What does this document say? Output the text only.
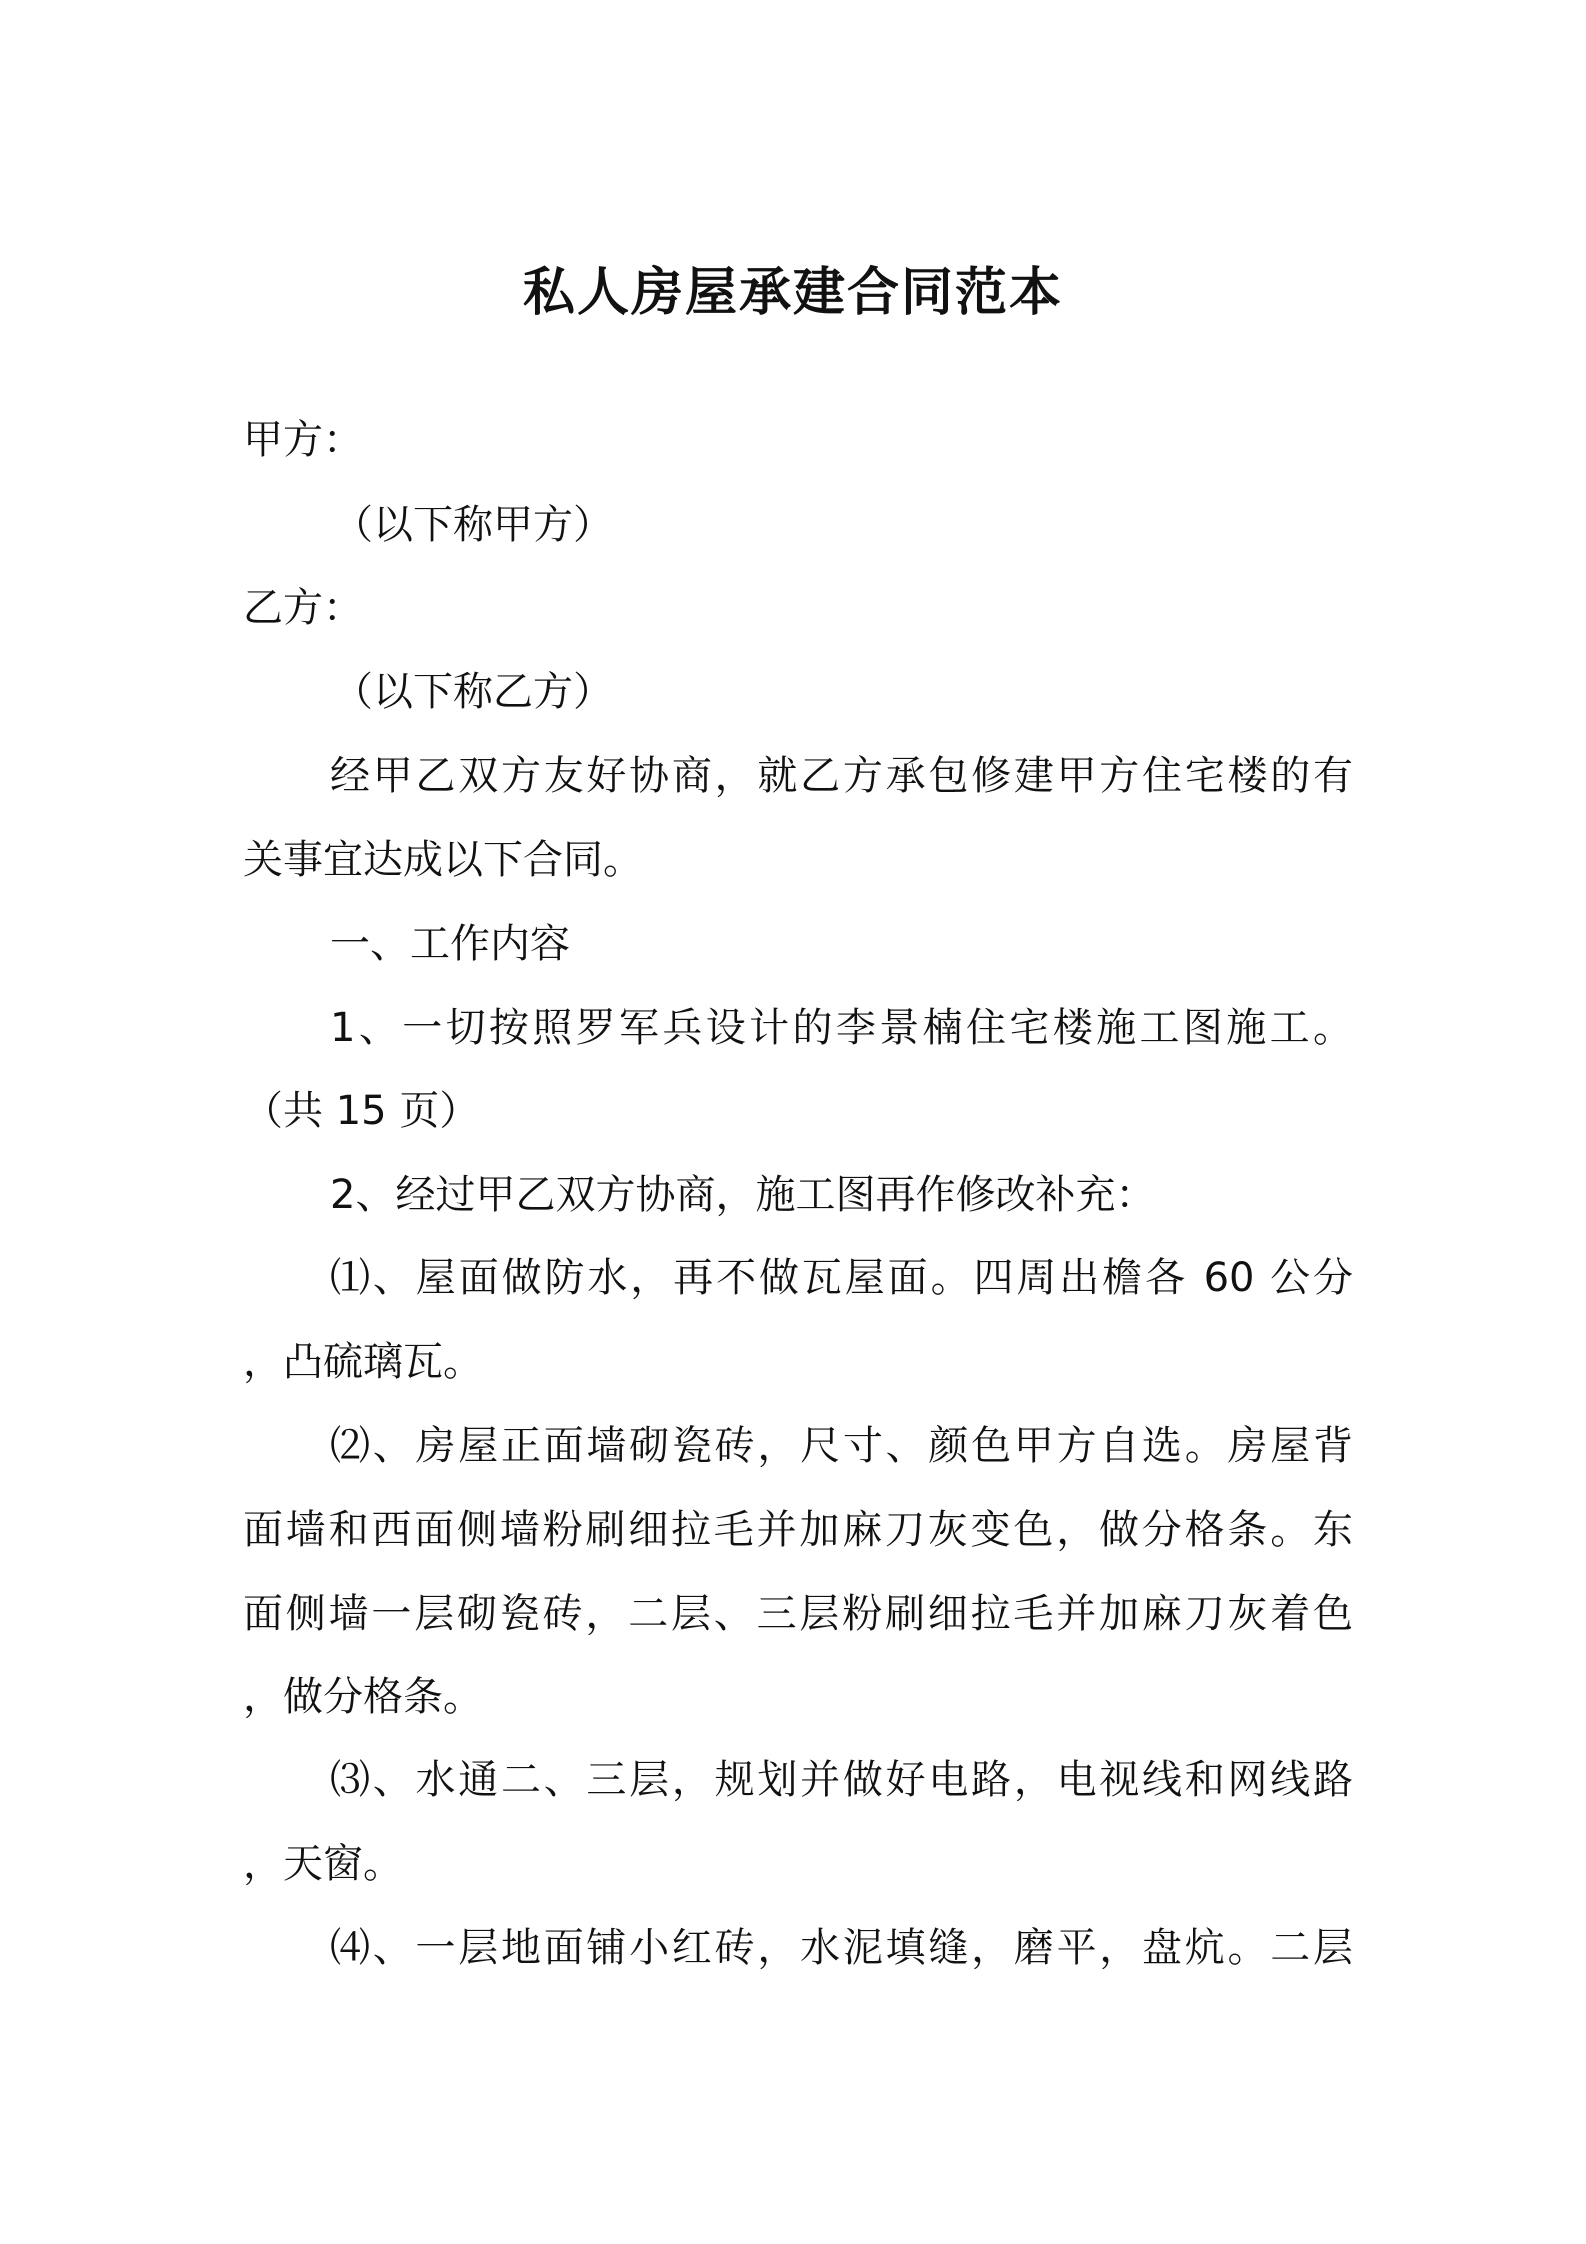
私人房屋承建合同范本
甲方：
（以下称甲方）
乙方：
（以下称乙方）
经甲乙双方友好协商，就乙方承包修建甲方住宅楼的有
关事宜达成以下合同。
一、工作内容
1、一切按照罗军兵设计的李景楠住宅楼施工图施工。
（共 15 页）
2、经过甲乙双方协商，施工图再作修改补充：
⑴、屋面做防水，再不做瓦屋面。四周出檐各 60 公分
，凸硫璃瓦。
⑵、房屋正面墙砌瓷砖，尺寸、颜色甲方自选。房屋背
面墙和西面侧墙粉刷细拉毛并加麻刀灰变色，做分格条。东
面侧墙一层砌瓷砖，二层、三层粉刷细拉毛并加麻刀灰着色
，做分格条。
⑶、水通二、三层，规划并做好电路，电视线和网线路
，天窗。
⑷、一层地面铺小红砖，水泥填缝，磨平，盘炕。二层
